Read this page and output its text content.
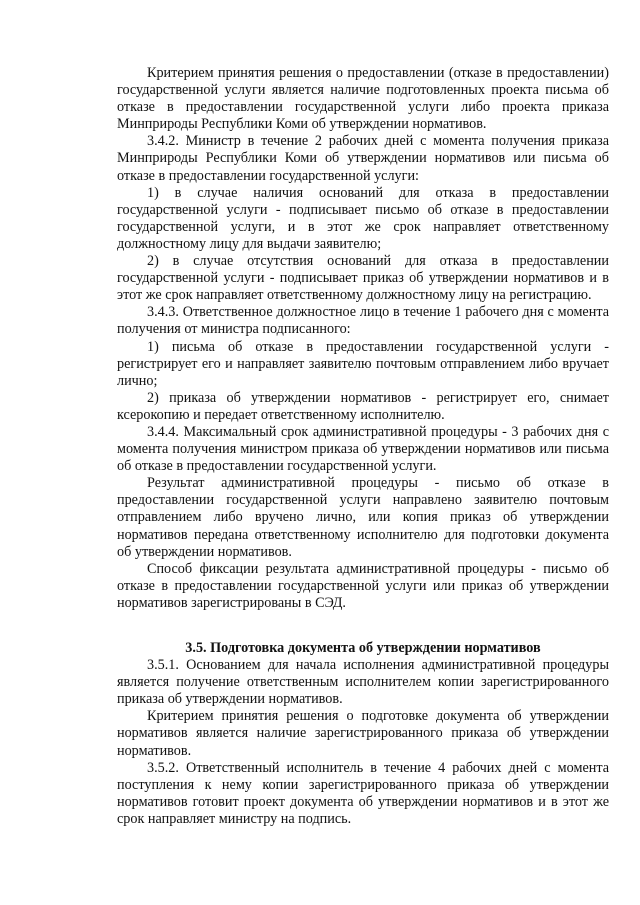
Критерием принятия решения о предоставлении (отказе в предоставлении) государственной услуги является наличие подготовленных проекта письма об отказе в предоставлении государственной услуги либо проекта приказа Минприроды Республики Коми об утверждении нормативов.

3.4.2. Министр в течение 2 рабочих дней с момента получения приказа Минприроды Республики Коми об утверждении нормативов или письма об отказе в предоставлении государственной услуги:

1) в случае наличия оснований для отказа в предоставлении государственной услуги - подписывает письмо об отказе в предоставлении государственной услуги, и в этот же срок направляет ответственному должностному лицу для выдачи заявителю;

2) в случае отсутствия оснований для отказа в предоставлении государственной услуги - подписывает приказ об утверждении нормативов и в этот же срок направляет ответственному должностному лицу на регистрацию.

3.4.3. Ответственное должностное лицо в течение 1 рабочего дня с момента получения от министра подписанного:

1) письма об отказе в предоставлении государственной услуги - регистрирует его и направляет заявителю почтовым отправлением либо вручает лично;

2) приказа об утверждении нормативов - регистрирует его, снимает ксерокопию и передает ответственному исполнителю.

3.4.4. Максимальный срок административной процедуры - 3 рабочих дня с момента получения министром приказа об утверждении нормативов или письма об отказе в предоставлении государственной услуги.

Результат административной процедуры - письмо об отказе в предоставлении государственной услуги направлено заявителю почтовым отправлением либо вручено лично, или копия приказ об утверждении нормативов передана ответственному исполнителю для подготовки документа об утверждении нормативов.

Способ фиксации результата административной процедуры - письмо об отказе в предоставлении государственной услуги или приказ об утверждении нормативов зарегистрированы в СЭД.

3.5. Подготовка документа об утверждении нормативов

3.5.1. Основанием для начала исполнения административной процедуры является получение ответственным исполнителем копии зарегистрированного приказа об утверждении нормативов.

Критерием принятия решения о подготовке документа об утверждении нормативов является наличие зарегистрированного приказа об утверждении нормативов.

3.5.2. Ответственный исполнитель в течение 4 рабочих дней с момента поступления к нему копии зарегистрированного приказа об утверждении нормативов готовит проект документа об утверждении нормативов и в этот же срок направляет министру на подпись.
